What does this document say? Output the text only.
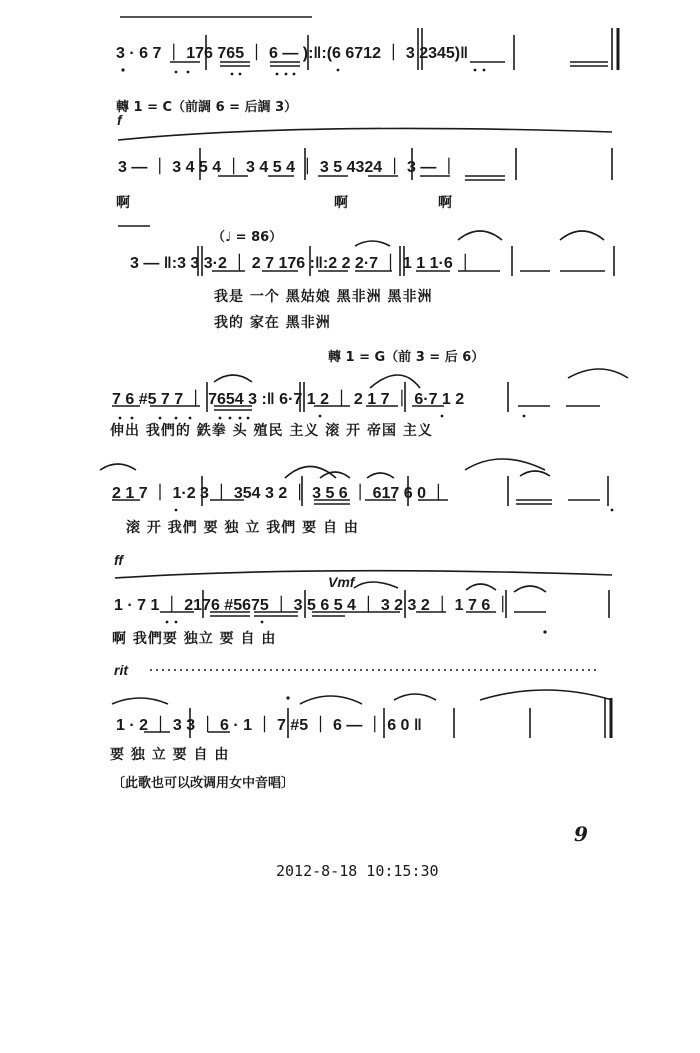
3 · 6 7 ｜ 176 765 ｜ 6 — ):‖:(6 6712 ｜ 3 2345)‖
轉 1 = C（前調 6 = 后調 3）
f
3 — ｜ 3 4 5 4 ｜ 3 4 5 4 ｜ 3 5 4324 ｜ 3 — ｜
啊	啊	啊
（♩ = 86）
3 — ‖:3 3 3·2 ｜ 2 7 176 :‖:2 2 2·7 ｜ 1 1 1·6 ｜
我是 一个 黑姑娘 黑非洲 黑非洲
我的 家在 黑非洲
轉 1 = G（前 3 = 后 6）
7 6 #5 7 7 ｜ 7654 3 :‖ 6·7 1 2 ｜ 2 1 7 ｜ 6·7 1 2
伸出 我們的 鉄拳 头 殖民 主义 滚 开 帝国 主义
2 1 7 ｜ 1·2 3 ｜ 354 3 2 ｜ 3 5 6 ｜ 617 6 0 ｜
滚 开 我們 要 独 立 我們 要 自 由
ff
Vmf
1 · 7 1 ｜ 2176 #5675 ｜ 3 5 6 5 4 ｜ 3 2 3 2 ｜ 1 7 6 ｜
啊 我們要 独立 要 自 由
rit
1 · 2 ｜ 3 3 ｜ 6 · 1 ｜ 7 #5 ｜ 6 — ｜ 6 0 ‖
要 独 立 要 自 由
〔此歌也可以改调用女中音唱〕
9
2012-8-18 10:15:30
